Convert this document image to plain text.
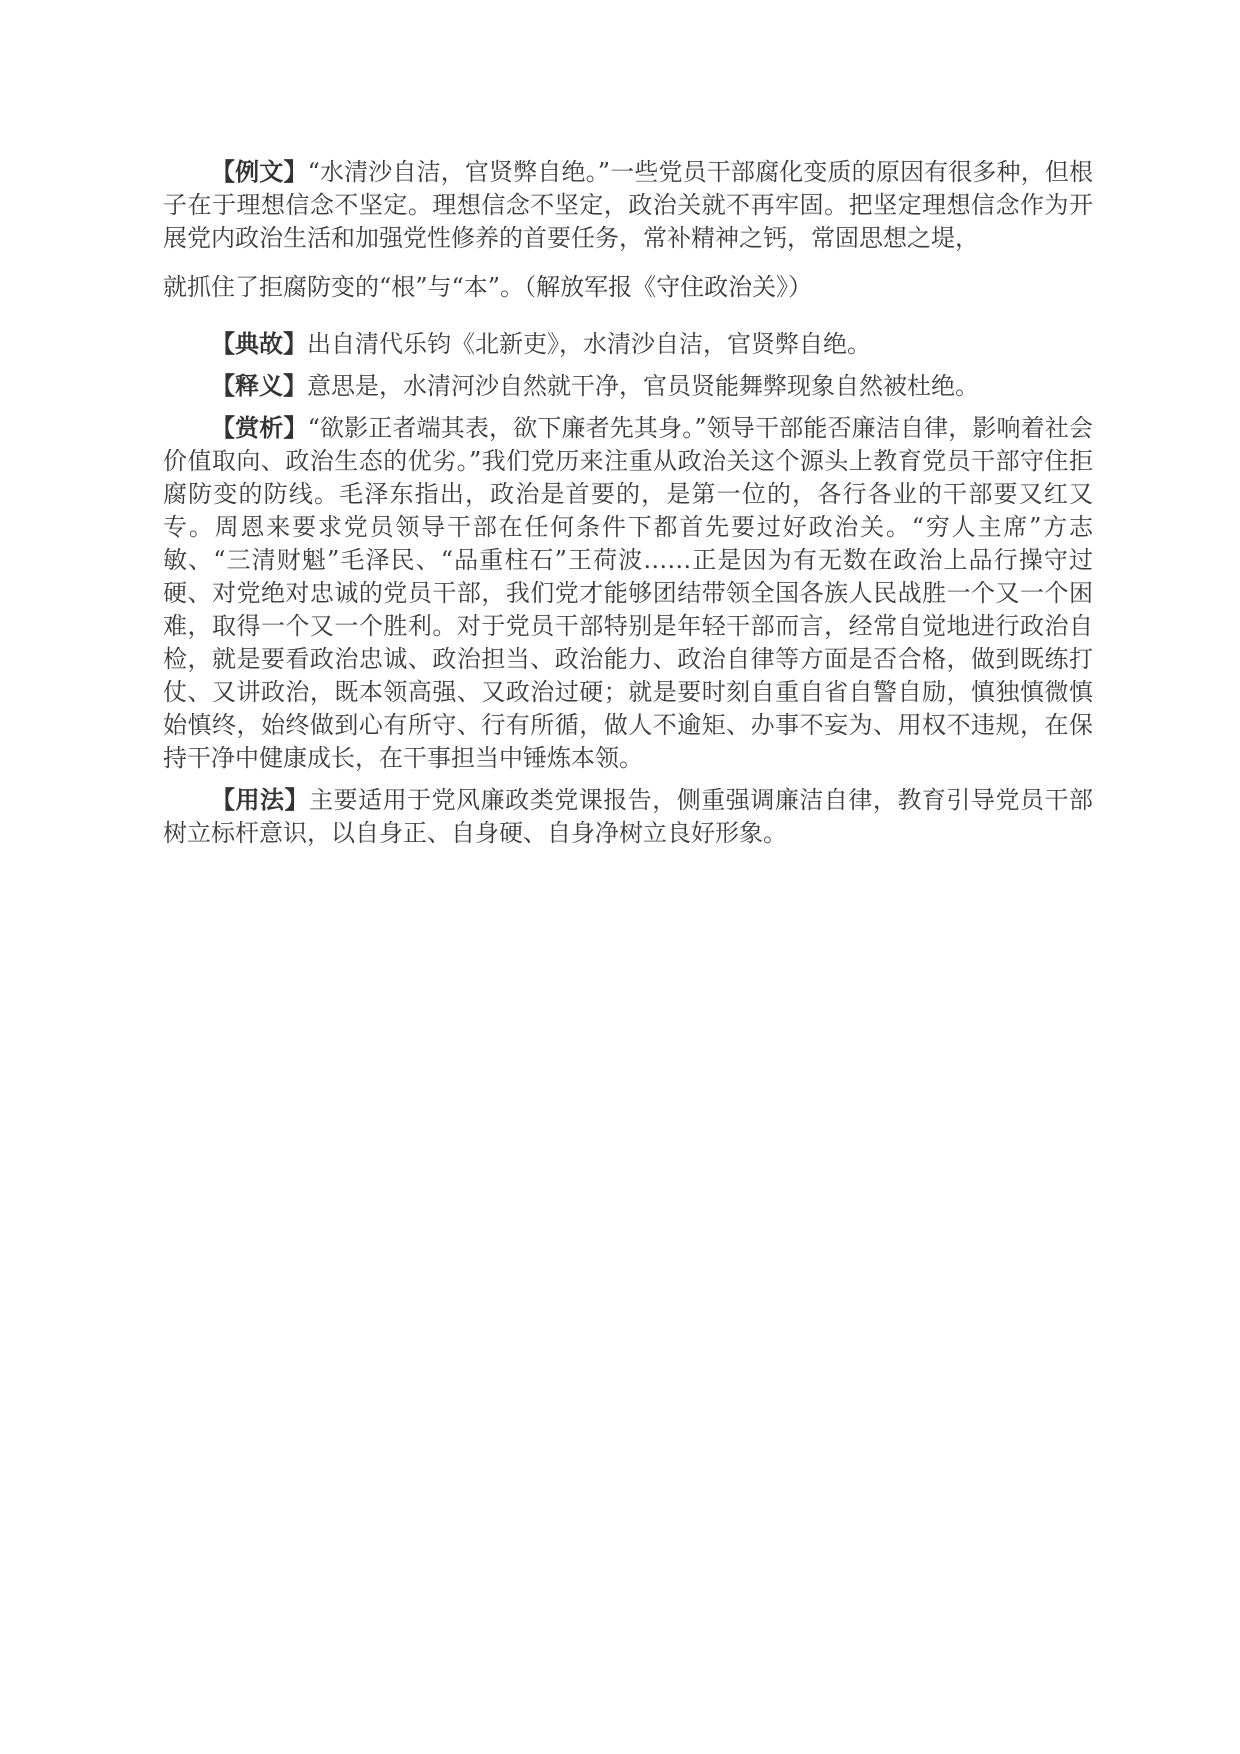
【例文】“水清沙自洁，官贤弊自绝。”一些党员干部腐化变质的原因有很多种，但根子在于理想信念不坚定。理想信念不坚定，政治关就不再牢固。把坚定理想信念作为开展党内政治生活和加强党性修养的首要任务，常补精神之钙，常固思想之堤，

就抓住了拒腐防变的“根”与“本”。（解放军报《守住政治关》）

【典故】出自清代乐钧《北新吏》，水清沙自洁，官贤弊自绝。

【释义】意思是，水清河沙自然就干净，官员贤能舞弊现象自然被杜绝。

【赏析】“欲影正者端其表，欲下廉者先其身。”领导干部能否廉洁自律，影响着社会价值取向、政治生态的优劣。”我们党历来注重从政治关这个源头上教育党员干部守住拒腐防变的防线。毛泽东指出，政治是首要的，是第一位的，各行各业的干部要又红又专。周恩来要求党员领导干部在任何条件下都首先要过好政治关。“穷人主席”方志敏、“三清财魁”毛泽民、“品重柱石”王荷波……正是因为有无数在政治上品行操守过硬、对党绝对忠诚的党员干部，我们党才能够团结带领全国各族人民战胜一个又一个困难，取得一个又一个胜利。对于党员干部特别是年轻干部而言，经常自觉地进行政治自检，就是要看政治忠诚、政治担当、政治能力、政治自律等方面是否合格，做到既练打仗、又讲政治，既本领高强、又政治过硬；就是要时刻自重自省自警自励，慎独慎微慎始慎终，始终做到心有所守、行有所循，做人不逾矩、办事不妄为、用权不违规，在保持干净中健康成长，在干事担当中锤炼本领。

【用法】主要适用于党风廉政类党课报告，侧重强调廉洁自律，教育引导党员干部树立标杆意识，以自身正、自身硬、自身净树立良好形象。
